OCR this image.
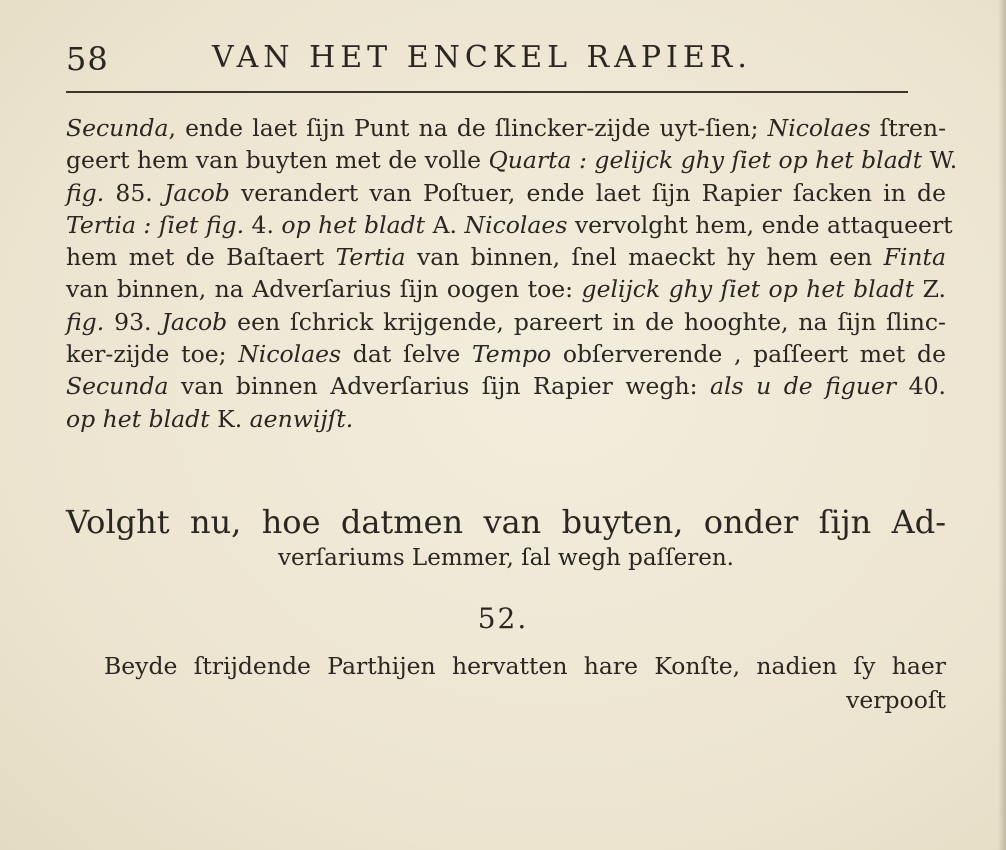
58	VAN HET ENCKEL RAPIER.
Secunda, ende laet ſijn Punt na de ſlincker-zijde uyt-ſien; Nicolaes ſtren-
geert hem van buyten met de volle Quarta : gelijck ghy ſiet op het bladt W.
fig. 85. Jacob verandert van Poſtuer, ende laet ſijn Rapier ſacken in de
Tertia : ſiet fig. 4. op het bladt A. Nicolaes vervolght hem, ende attaqueert
hem met de Baſtaert Tertia van binnen, ſnel maeckt hy hem een Finta
van binnen, na Adverſarius ſijn oogen toe: gelijck ghy ſiet op het bladt Z.
fig. 93. Jacob een ſchrick krijgende, pareert in de hooghte, na ſijn ſlinc-
ker-zijde toe; Nicolaes dat ſelve Tempo obſerverende , paſſeert met de
Secunda van binnen Adverſarius ſijn Rapier wegh: als u de figuer 40.
op het bladt K. aenwijſt.
Volght nu, hoe datmen van buyten, onder ſijn Ad-
verſariums Lemmer, ſal wegh paſſeren.
52.
Beyde ſtrijdende Parthijen hervatten hare Konſte, nadien ſy haer
verpooſt
